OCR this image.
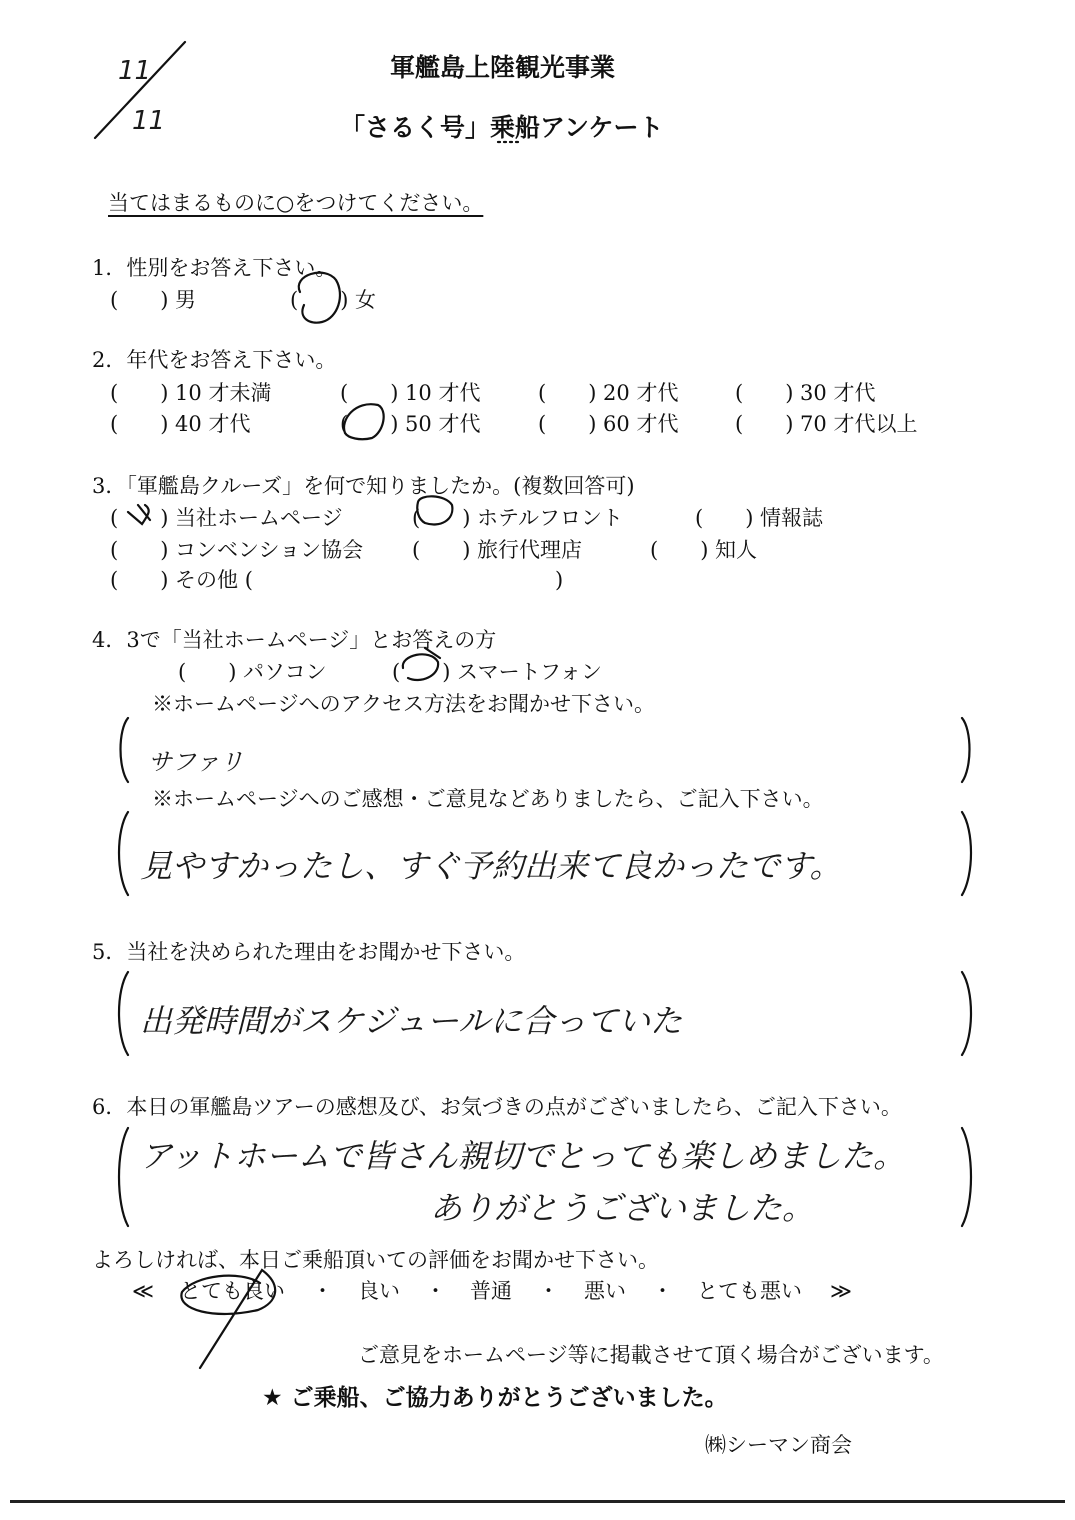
11
11
軍艦島上陸観光事業
「さるく号」乗船アンケート
当てはまるものに○をつけてください。
1．性別をお答え下さい。
(　　) 男	(　　) 女
2．年代をお答え下さい。
(　　) 10 才未満	(　　) 10 才代	(　　) 20 才代	(　　) 30 才代
(　　) 40 才代	(　　) 50 才代	(　　) 60 才代	(　　) 70 才代以上
3．「軍艦島クルーズ」を何で知りましたか。(複数回答可)
(　　) 当社ホームページ	(　　) ホテルフロント	(　　) 情報誌
(　　) コンベンション協会 (　　) 旅行代理店	(　　) 知人
(　　) その他 (	)
4．3で「当社ホームページ」とお答えの方
(　　) パソコン	(　　) スマートフォン
※ホームページへのアクセス方法をお聞かせ下さい。
サファリ
※ホームページへのご感想・ご意見などありましたら、ご記入下さい。
見やすかったし、すぐ予約出来て良かったです。
5．当社を決められた理由をお聞かせ下さい。
出発時間がスケジュールに合っていた
6．本日の軍艦島ツアーの感想及び、お気づきの点がございましたら、ご記入下さい。
アットホームで皆さん親切でとっても楽しめました。
ありがとうございました。
よろしければ、本日ご乗船頂いての評価をお聞かせ下さい。
≪ とても良い ・ 良い ・ 普通 ・ 悪い ・ とても悪い ≫
ご意見をホームページ等に掲載させて頂く場合がございます。
★ ご乗船、ご協力ありがとうございました。
㈱シーマン商会
